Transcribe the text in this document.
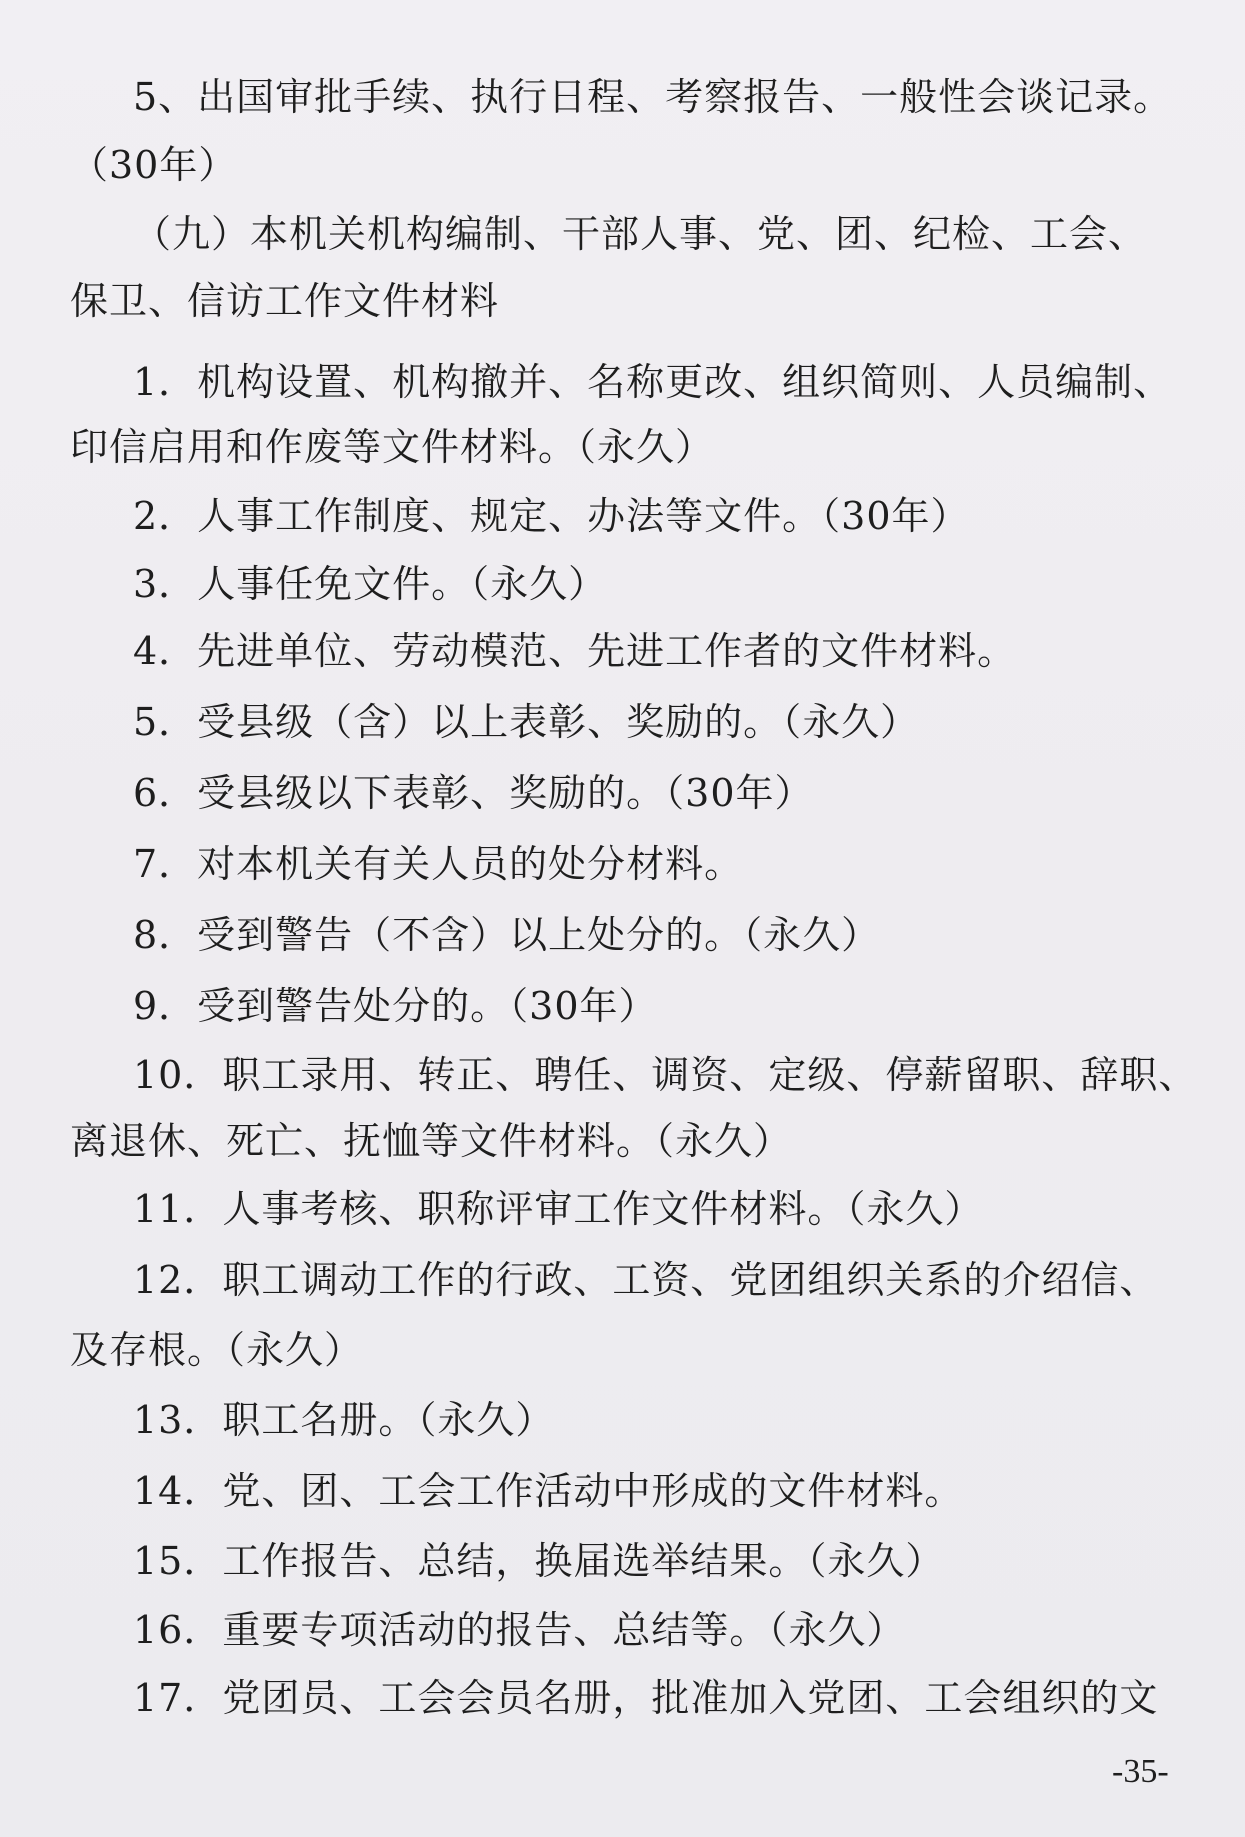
5、出国审批手续、执行日程、考察报告、一般性会谈记录。
（30年）
（九）本机关机构编制、干部人事、党、团、纪检、工会、
保卫、信访工作文件材料
1．机构设置、机构撤并、名称更改、组织简则、人员编制、
印信启用和作废等文件材料。（永久）
2．人事工作制度、规定、办法等文件。（30年）
3．人事任免文件。（永久）
4．先进单位、劳动模范、先进工作者的文件材料。
5．受县级（含）以上表彰、奖励的。（永久）
6．受县级以下表彰、奖励的。（30年）
7．对本机关有关人员的处分材料。
8．受到警告（不含）以上处分的。（永久）
9．受到警告处分的。（30年）
10．职工录用、转正、聘任、调资、定级、停薪留职、辞职、
离退休、死亡、抚恤等文件材料。（永久）
11．人事考核、职称评审工作文件材料。（永久）
12．职工调动工作的行政、工资、党团组织关系的介绍信、
及存根。（永久）
13．职工名册。（永久）
14．党、团、工会工作活动中形成的文件材料。
15．工作报告、总结，换届选举结果。（永久）
16．重要专项活动的报告、总结等。（永久）
17．党团员、工会会员名册，批准加入党团、工会组织的文
-35-
